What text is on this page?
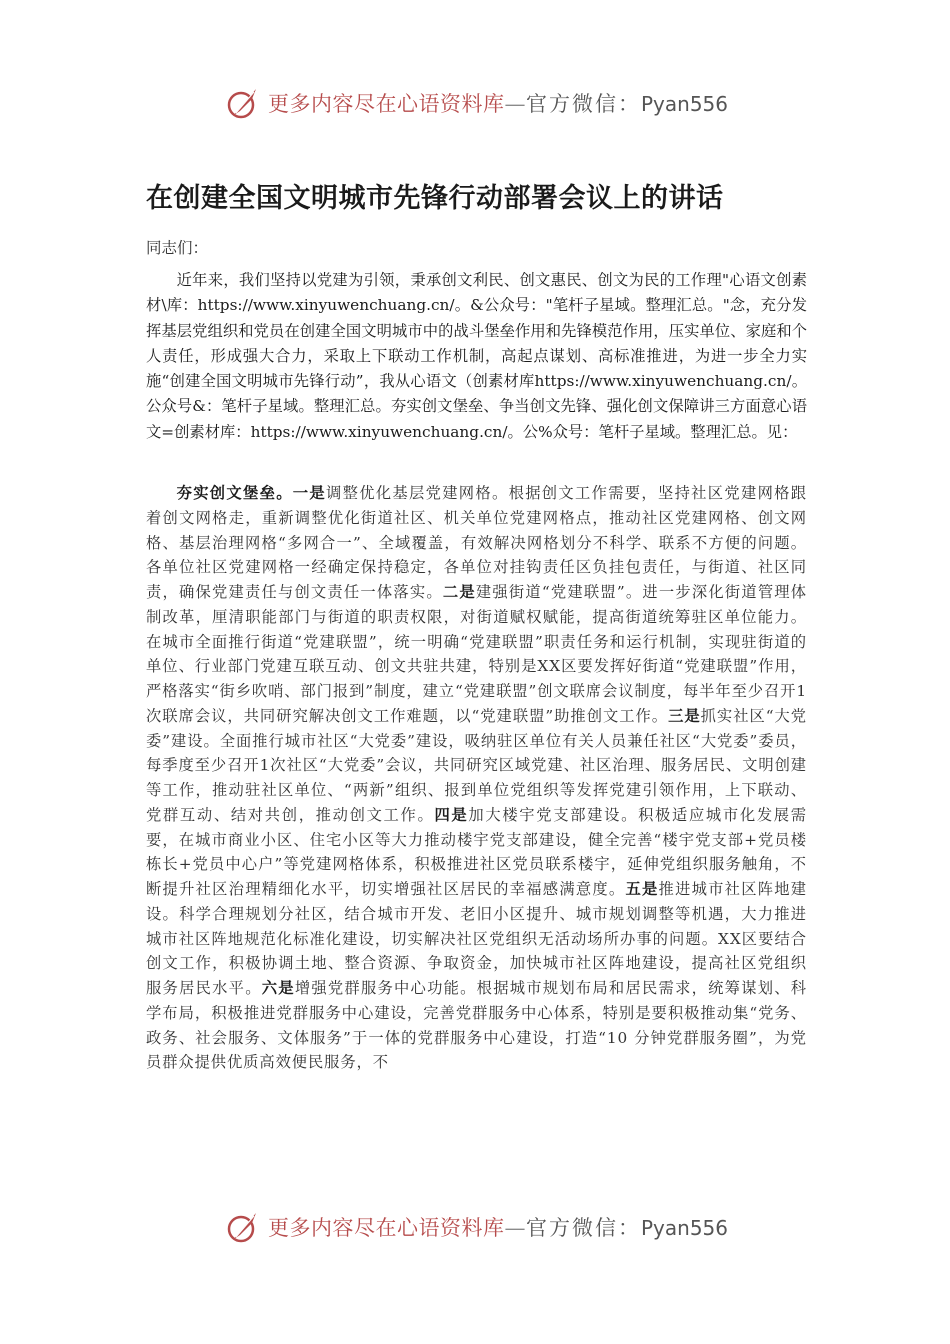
更多内容尽在心语资料库—官方微信：Pyan556
在创建全国文明城市先锋行动部署会议上的讲话

同志们：

近年来，我们坚持以党建为引领，秉承创文利民、创文惠民、创文为民的工作理"心语文创素材\库：https://www.xinyuwenchuang.cn/。&公众号："笔杆子星域。整理汇总。"念，充分发挥基层党组织和党员在创建全国文明城市中的战斗堡垒作用和先锋模范作用，压实单位、家庭和个人责任，形成强大合力，采取上下联动工作机制，高起点谋划、高标准推进，为进一步全力实施“创建全国文明城市先锋行动”，我从心语文（创素材库https://www.xinyuwenchuang.cn/。公众号&：笔杆子星域。整理汇总。夯实创文堡垒、争当创文先锋、强化创文保障讲三方面意心语文=创素材库：https://www.xinyuwenchuang.cn/。公%众号：笔杆子星域。整理汇总。见：

夯实创文堡垒。一是调整优化基层党建网格。根据创文工作需要，坚持社区党建网格跟着创文网格走，重新调整优化街道社区、机关单位党建网格点，推动社区党建网格、创文网格、基层治理网格“多网合一”、全域覆盖，有效解决网格划分不科学、联系不方便的问题。各单位社区党建网格一经确定保持稳定，各单位对挂钩责任区负挂包责任，与街道、社区同责，确保党建责任与创文责任一体落实。二是建强街道“党建联盟”。进一步深化街道管理体制改革，厘清职能部门与街道的职责权限，对街道赋权赋能，提高街道统筹驻区单位能力。在城市全面推行街道“党建联盟”，统一明确“党建联盟”职责任务和运行机制，实现驻街道的单位、行业部门党建互联互动、创文共驻共建，特别是XX区要发挥好街道“党建联盟”作用，严格落实“街乡吹哨、部门报到”制度，建立“党建联盟”创文联席会议制度，每半年至少召开1次联席会议，共同研究解决创文工作难题，以“党建联盟”助推创文工作。三是抓实社区“大党委”建设。全面推行城市社区“大党委”建设，吸纳驻区单位有关人员兼任社区“大党委”委员，每季度至少召开1次社区“大党委”会议，共同研究区域党建、社区治理、服务居民、文明创建等工作，推动驻社区单位、“两新”组织、报到单位党组织等发挥党建引领作用，上下联动、党群互动、结对共创，推动创文工作。四是加大楼宇党支部建设。积极适应城市化发展需要，在城市商业小区、住宅小区等大力推动楼宇党支部建设，健全完善“楼宇党支部+党员楼栋长+党员中心户”等党建网格体系，积极推进社区党员联系楼宇，延伸党组织服务触角，不断提升社区治理精细化水平，切实增强社区居民的幸福感满意度。五是推进城市社区阵地建设。科学合理规划分社区，结合城市开发、老旧小区提升、城市规划调整等机遇，大力推进城市社区阵地规范化标准化建设，切实解决社区党组织无活动场所办事的问题。XX区要结合创文工作，积极协调土地、整合资源、争取资金，加快城市社区阵地建设，提高社区党组织服务居民水平。六是增强党群服务中心功能。根据城市规划布局和居民需求，统筹谋划、科学布局，积极推进党群服务中心建设，完善党群服务中心体系，特别是要积极推动集“党务、政务、社会服务、文体服务”于一体的党群服务中心建设，打造“10 分钟党群服务圈”，为党员群众提供优质高效便民服务，不

更多内容尽在心语资料库—官方微信：Pyan556
